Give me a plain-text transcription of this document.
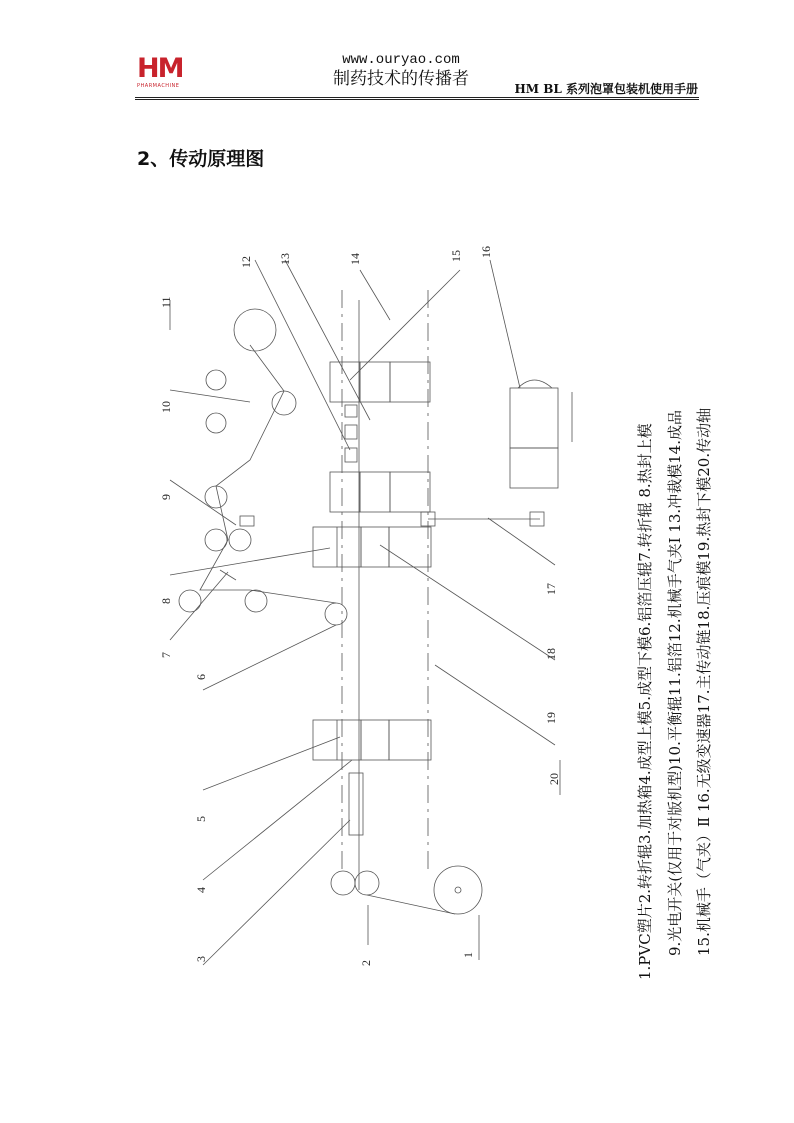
HM
PHARMACHINE
www.ouryao.com
制药技术的传播者	HM BL 系列泡罩包装机使用手册
2、传动原理图
1
2
3
4
5
6
7
8
9
10
11
12 13	14	15 16
17
18
19
20	1.PVC塑片2.转折辊3.加热箱4.成型上模5.成型下模6.铝箔压辊7.转折辊 8.热封上模 9.光电开关(仅用于对版机型)10.平衡辊11.铝箔12.机械手气夹Ⅰ 13.冲裁模14.成品 15.机械手（气夹）Ⅱ 16.无级变速器17.主传动链18.压痕模19.热封下模20.传动轴
